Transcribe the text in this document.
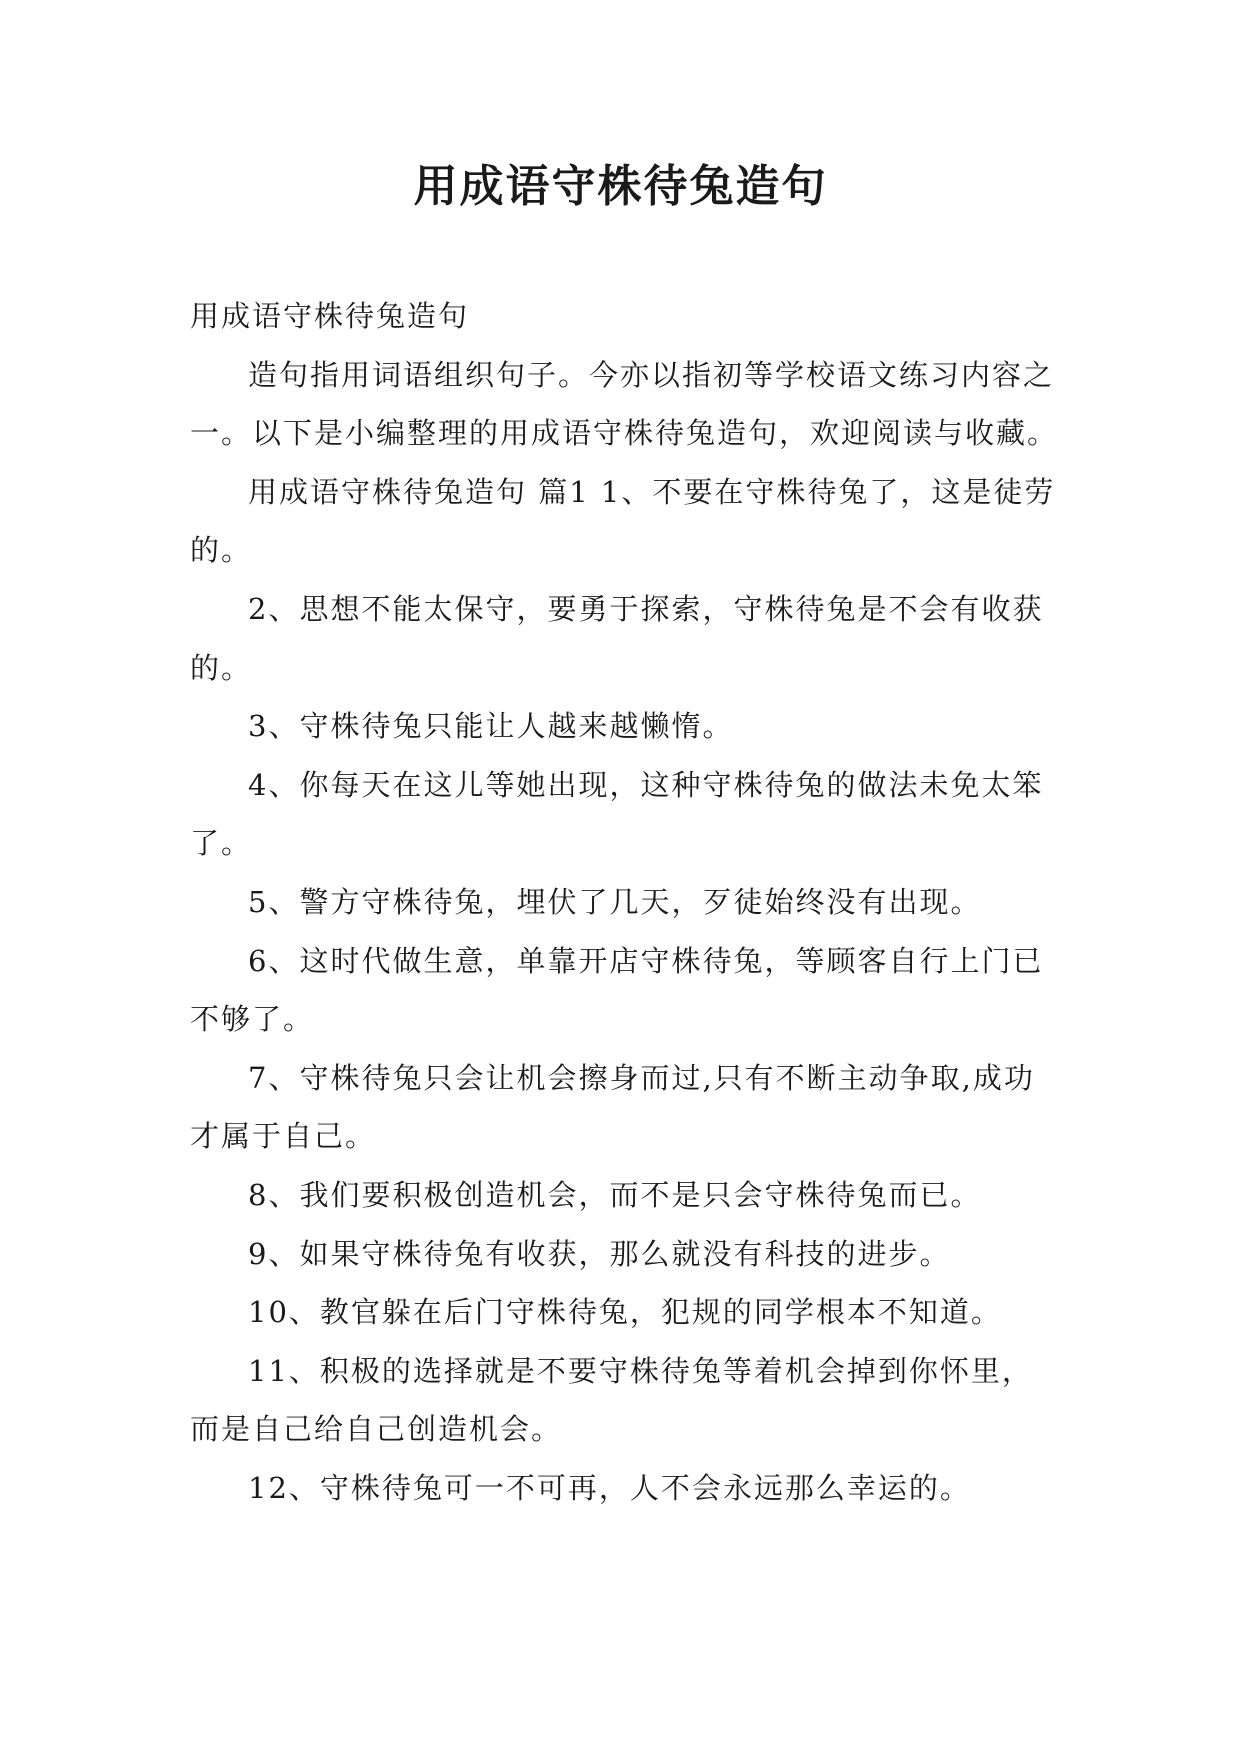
用成语守株待兔造句

用成语守株待兔造句

造句指用词语组织句子。今亦以指初等学校语文练习内容之一。以下是小编整理的用成语守株待兔造句，欢迎阅读与收藏。

用成语守株待兔造句 篇1 1、不要在守株待兔了，这是徒劳的。

2、思想不能太保守，要勇于探索，守株待兔是不会有收获的。

3、守株待兔只能让人越来越懒惰。

4、你每天在这儿等她出现，这种守株待兔的做法未免太笨了。

5、警方守株待兔，埋伏了几天，歹徒始终没有出现。

6、这时代做生意，单靠开店守株待兔，等顾客自行上门已不够了。

7、守株待兔只会让机会擦身而过,只有不断主动争取,成功才属于自己。

8、我们要积极创造机会，而不是只会守株待兔而已。

9、如果守株待兔有收获，那么就没有科技的进步。

10、教官躲在后门守株待兔，犯规的同学根本不知道。

11、积极的选择就是不要守株待兔等着机会掉到你怀里，而是自己给自己创造机会。

12、守株待兔可一不可再，人不会永远那么幸运的。
